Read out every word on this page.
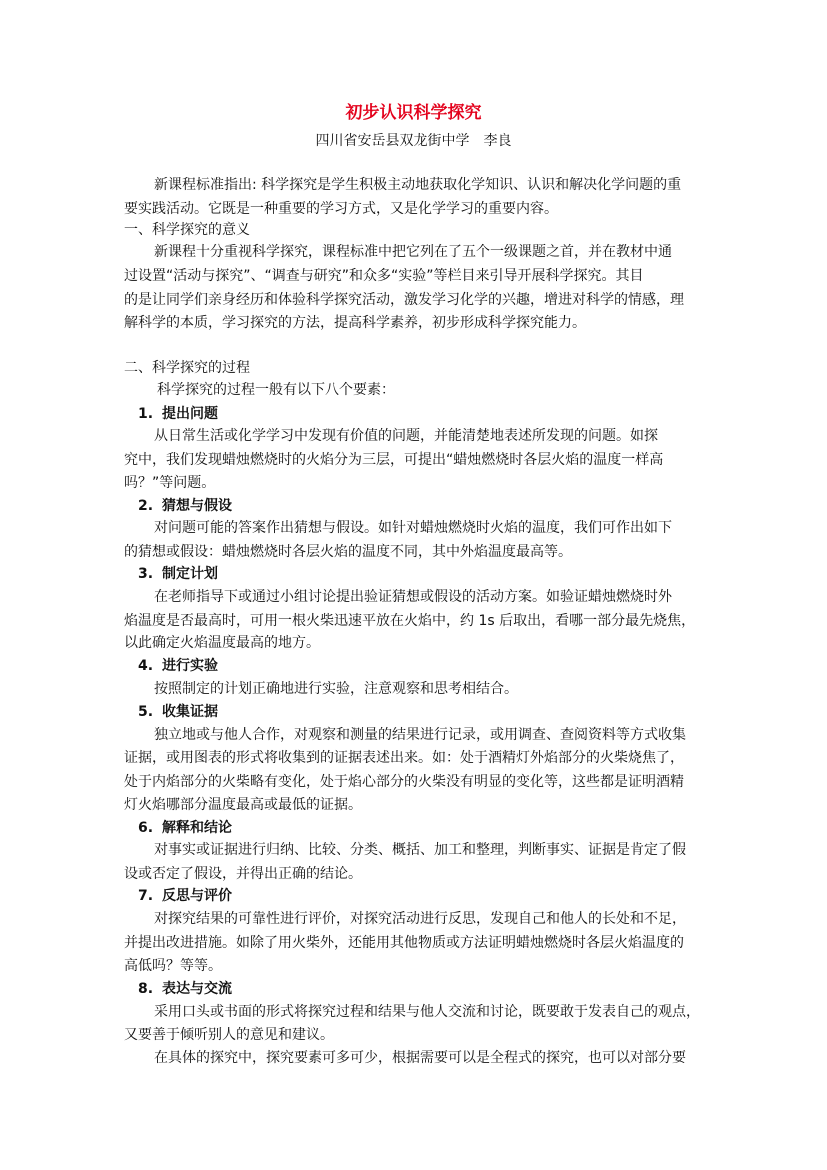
初步认识科学探究
四川省安岳县双龙街中学　李良
新课程标准指出: 科学探究是学生积极主动地获取化学知识、认识和解决化学问题的重
要实践活动。它既是一种重要的学习方式，又是化学学习的重要内容。
一、科学探究的意义
新课程十分重视科学探究，课程标准中把它列在了五个一级课题之首，并在教材中通
过设置“活动与探究”、“调查与研究”和众多“实验”等栏目来引导开展科学探究。其目
的是让同学们亲身经历和体验科学探究活动，激发学习化学的兴趣，增进对科学的情感，理
解科学的本质，学习探究的方法，提高科学素养，初步形成科学探究能力。
二、科学探究的过程
科学探究的过程一般有以下八个要素：
1. 提出问题
从日常生活或化学学习中发现有价值的问题，并能清楚地表述所发现的问题。如探
究中，我们发现蜡烛燃烧时的火焰分为三层，可提出“蜡烛燃烧时各层火焰的温度一样高
吗？”等问题。
2. 猜想与假设
对问题可能的答案作出猜想与假设。如针对蜡烛燃烧时火焰的温度，我们可作出如下
的猜想或假设：蜡烛燃烧时各层火焰的温度不同，其中外焰温度最高等。
3. 制定计划
在老师指导下或通过小组讨论提出验证猜想或假设的活动方案。如验证蜡烛燃烧时外
焰温度是否最高时，可用一根火柴迅速平放在火焰中，约 1s 后取出，看哪一部分最先烧焦，
以此确定火焰温度最高的地方。
4. 进行实验
按照制定的计划正确地进行实验，注意观察和思考相结合。
5. 收集证据
独立地或与他人合作，对观察和测量的结果进行记录，或用调查、查阅资料等方式收集
证据，或用图表的形式将收集到的证据表述出来。如：处于酒精灯外焰部分的火柴烧焦了，
处于内焰部分的火柴略有变化，处于焰心部分的火柴没有明显的变化等，这些都是证明酒精
灯火焰哪部分温度最高或最低的证据。
6. 解释和结论
对事实或证据进行归纳、比较、分类、概括、加工和整理，判断事实、证据是肯定了假
设或否定了假设，并得出正确的结论。
7. 反思与评价
对探究结果的可靠性进行评价，对探究活动进行反思，发现自己和他人的长处和不足，
并提出改进措施。如除了用火柴外，还能用其他物质或方法证明蜡烛燃烧时各层火焰温度的
高低吗？等等。
8. 表达与交流
采用口头或书面的形式将探究过程和结果与他人交流和讨论，既要敢于发表自己的观点，
又要善于倾听别人的意见和建议。
在具体的探究中，探究要素可多可少，根据需要可以是全程式的探究，也可以对部分要
